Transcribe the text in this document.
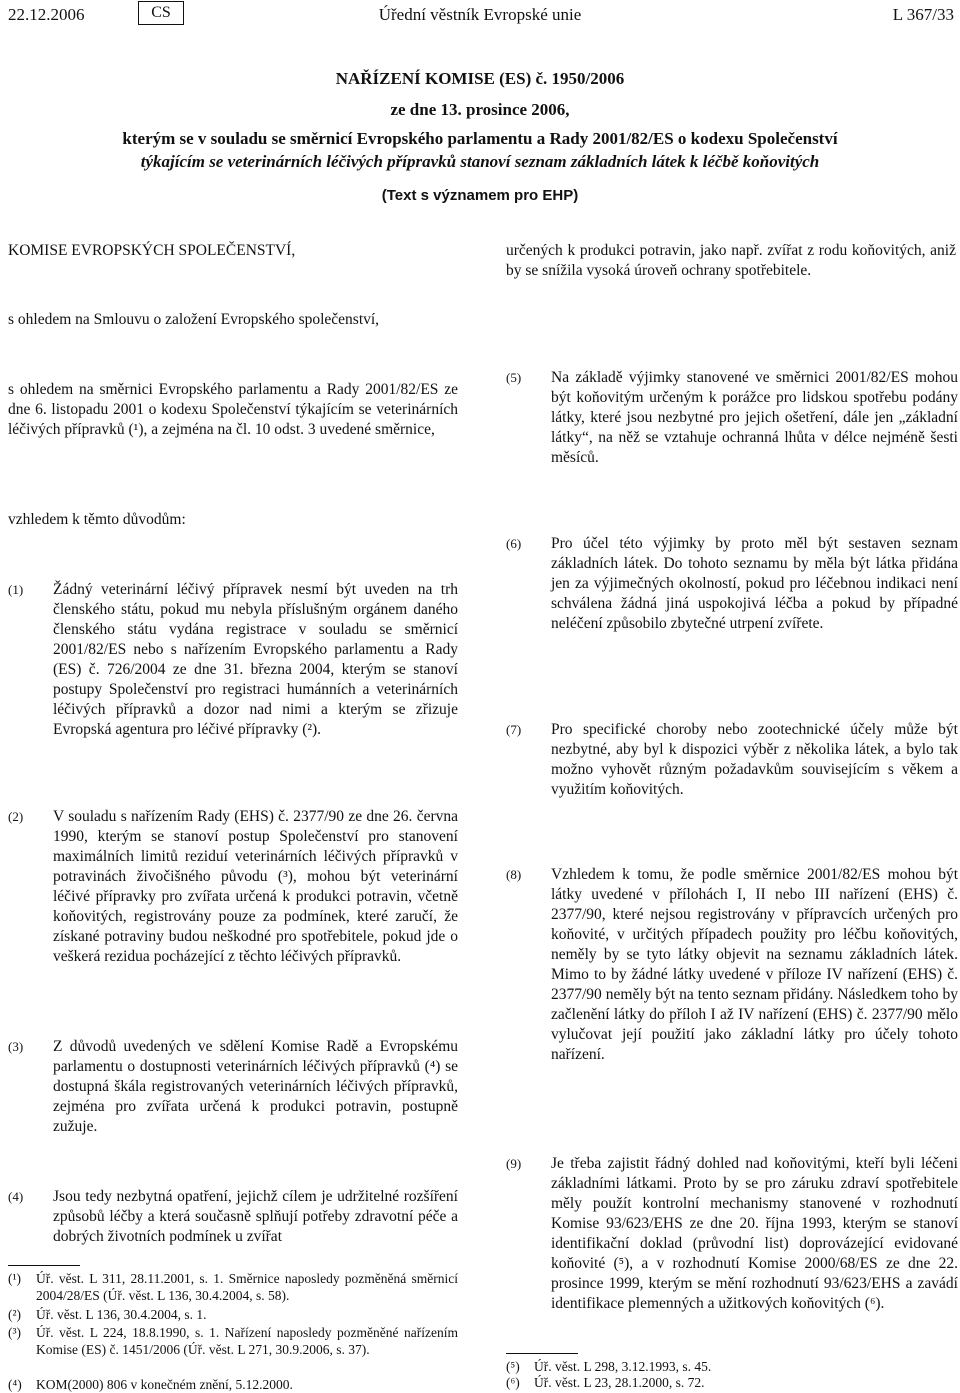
22.12.2006	Úřední věstník Evropské unie
CS	L 367/33
NAŘÍZENÍ KOMISE (ES) č. 1950/2006
ze dne 13. prosince 2006,
kterým se v souladu se směrnicí Evropského parlamentu a Rady 2001/82/ES o kodexu Společenství
týkajícím se veterinárních léčivých přípravků stanoví seznam základních látek k léčbě koňovitých
(Text s významem pro EHP)
KOMISE EVROPSKÝCH SPOLEČENSTVÍ,
s ohledem na Smlouvu o založení Evropského společenství,
s ohledem na směrnici Evropského parlamentu a Rady 2001/82/ES ze dne 6. listopadu 2001 o kodexu Společenství týkajícím se veterinárních léčivých přípravků (¹), a zejména na čl. 10 odst. 3 uvedené směrnice,
vzhledem k těmto důvodům:
(1) Žádný veterinární léčivý přípravek nesmí být uveden na trh členského státu, pokud mu nebyla příslušným orgánem daného členského státu vydána registrace v souladu se směrnicí 2001/82/ES nebo s nařízením Evropského parlamentu a Rady (ES) č. 726/2004 ze dne 31. března 2004, kterým se stanoví postupy Společenství pro registraci humánních a veterinárních léčivých přípravků a dozor nad nimi a kterým se zřizuje Evropská agentura pro léčivé přípravky (²).
(2) V souladu s nařízením Rady (EHS) č. 2377/90 ze dne 26. června 1990, kterým se stanoví postup Společenství pro stanovení maximálních limitů reziduí veterinárních léčivých přípravků v potravinách živočišného původu (³), mohou být veterinární léčivé přípravky pro zvířata určená k produkci potravin, včetně koňovitých, registrovány pouze za podmínek, které zaručí, že získané potraviny budou neškodné pro spotřebitele, pokud jde o veškerá rezidua pocházející z těchto léčivých přípravků.
(3) Z důvodů uvedených ve sdělení Komise Radě a Evropskému parlamentu o dostupnosti veterinárních léčivých přípravků (⁴) se dostupná škála registrovaných veterinárních léčivých přípravků, zejména pro zvířata určená k produkci potravin, postupně zužuje.
(4) Jsou tedy nezbytná opatření, jejichž cílem je udržitelné rozšíření způsobů léčby a která současně splňují potřeby zdravotní péče a dobrých životních podmínek u zvířat
(¹) Úř. věst. L 311, 28.11.2001, s. 1. Směrnice naposledy pozměněná směrnicí 2004/28/ES (Úř. věst. L 136, 30.4.2004, s. 58).
(²) Úř. věst. L 136, 30.4.2004, s. 1.
(³) Úř. věst. L 224, 18.8.1990, s. 1. Nařízení naposledy pozměněné nařízením Komise (ES) č. 1451/2006 (Úř. věst. L 271, 30.9.2006, s. 37).
(⁴) KOM(2000) 806 v konečném znění, 5.12.2000.
určených k produkci potravin, jako např. zvířat z rodu koňovitých, aniž by se snížila vysoká úroveň ochrany spotřebitele.
(5) Na základě výjimky stanovené ve směrnici 2001/82/ES mohou být koňovitým určeným k porážce pro lidskou spotřebu podány látky, které jsou nezbytné pro jejich ošetření, dále jen „základní látky“, na něž se vztahuje ochranná lhůta v délce nejméně šesti měsíců.
(6) Pro účel této výjimky by proto měl být sestaven seznam základních látek. Do tohoto seznamu by měla být látka přidána jen za výjimečných okolností, pokud pro léčebnou indikaci není schválena žádná jiná uspokojivá léčba a pokud by případné neléčení způsobilo zbytečné utrpení zvířete.
(7) Pro specifické choroby nebo zootechnické účely může být nezbytné, aby byl k dispozici výběr z několika látek, a bylo tak možno vyhovět různým požadavkům souvisejícím s věkem a využitím koňovitých.
(8) Vzhledem k tomu, že podle směrnice 2001/82/ES mohou být látky uvedené v přílohách I, II nebo III nařízení (EHS) č. 2377/90, které nejsou registrovány v přípravcích určených pro koňovité, v určitých případech použity pro léčbu koňovitých, neměly by se tyto látky objevit na seznamu základních látek. Mimo to by žádné látky uvedené v příloze IV nařízení (EHS) č. 2377/90 neměly být na tento seznam přidány. Následkem toho by začlenění látky do příloh I až IV nařízení (EHS) č. 2377/90 mělo vylučovat její použití jako základní látky pro účely tohoto nařízení.
(9) Je třeba zajistit řádný dohled nad koňovitými, kteří byli léčeni základními látkami. Proto by se pro záruku zdraví spotřebitele měly použít kontrolní mechanismy stanovené v rozhodnutí Komise 93/623/EHS ze dne 20. října 1993, kterým se stanoví identifikační doklad (průvodní list) doprovázející evidované koňovité (⁵), a v rozhodnutí Komise 2000/68/ES ze dne 22. prosince 1999, kterým se mění rozhodnutí 93/623/EHS a zavádí identifikace plemenných a užitkových koňovitých (⁶).
(⁵) Úř. věst. L 298, 3.12.1993, s. 45.
(⁶) Úř. věst. L 23, 28.1.2000, s. 72.
